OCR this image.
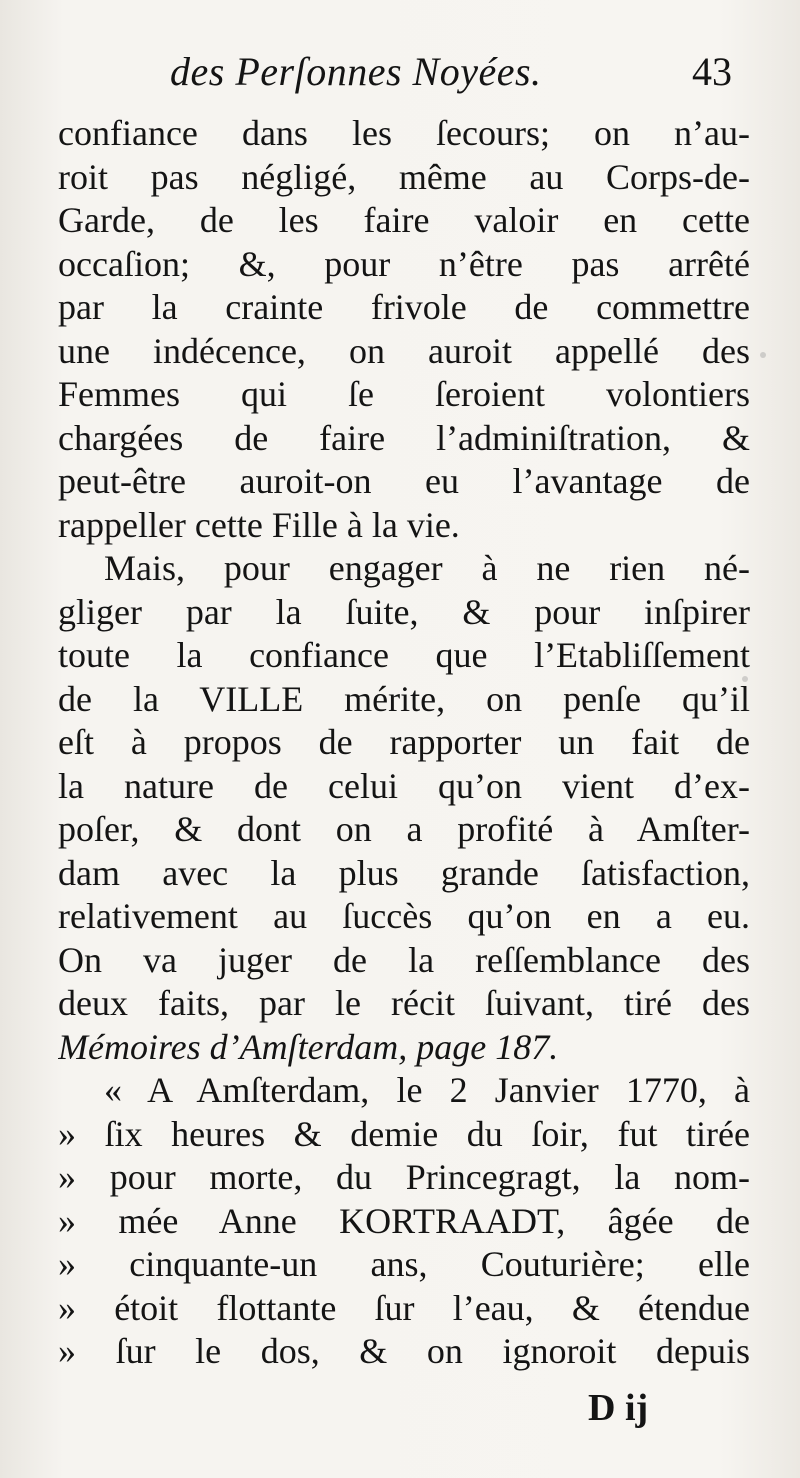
des Perſonnes Noyées.	43
confiance dans les ſecours; on n’au-
roit pas négligé, même au Corps-de-
Garde, de les faire valoir en cette
occaſion; &, pour n’être pas arrêté
par la crainte frivole de commettre
une indécence, on auroit appellé des
Femmes qui ſe ſeroient volontiers
chargées de faire l’adminiſtration, &
peut-être auroit-on eu l’avantage de
rappeller cette Fille à la vie.
Mais, pour engager à ne rien né-
gliger par la ſuite, & pour inſpirer
toute la confiance que l’Etabliſſement
de la VILLE mérite, on penſe qu’il
eſt à propos de rapporter un fait de
la nature de celui qu’on vient d’ex-
poſer, & dont on a profité à Amſter-
dam avec la plus grande ſatisfaction,
relativement au ſuccès qu’on en a eu.
On va juger de la reſſemblance des
deux faits, par le récit ſuivant, tiré des
Mémoires d’Amſterdam, page 187.
« A Amſterdam, le 2 Janvier 1770, à
» ſix heures & demie du ſoir, fut tirée
» pour morte, du Princegragt, la nom-
» mée Anne KORTRAADT, âgée de
» cinquante-un ans, Couturière; elle
» étoit flottante ſur l’eau, & étendue
» ſur le dos, & on ignoroit depuis
D ij
